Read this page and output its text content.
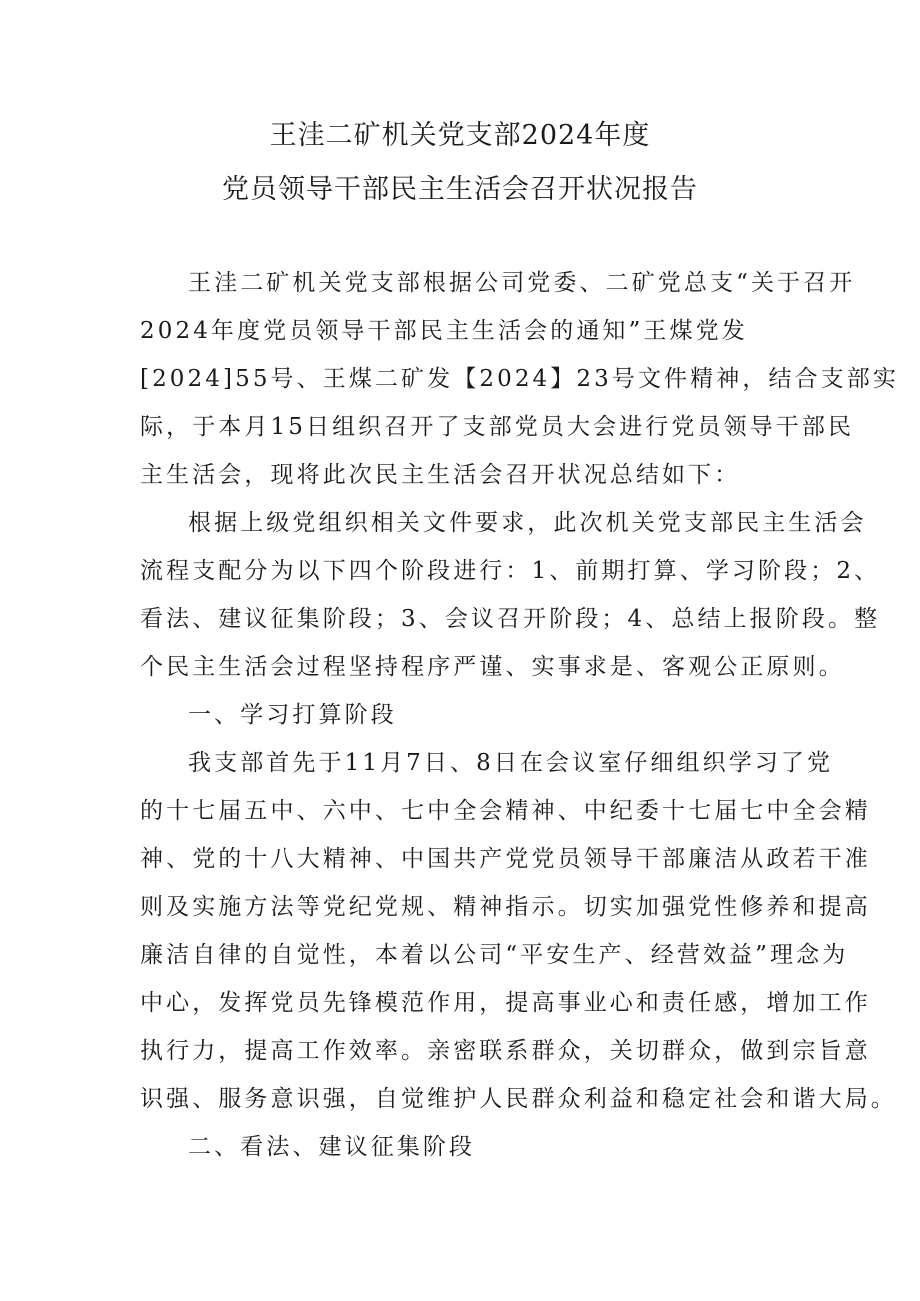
王洼二矿机关党支部2024年度
党员领导干部民主生活会召开状况报告
王洼二矿机关党支部根据公司党委、二矿党总支“关于召开
2024年度党员领导干部民主生活会的通知”王煤党发
[2024]55号、王煤二矿发【2024】23号文件精神，结合支部实
际，于本月15日组织召开了支部党员大会进行党员领导干部民
主生活会，现将此次民主生活会召开状况总结如下：
根据上级党组织相关文件要求，此次机关党支部民主生活会
流程支配分为以下四个阶段进行：1、前期打算、学习阶段；2、
看法、建议征集阶段；3、会议召开阶段；4、总结上报阶段。整
个民主生活会过程坚持程序严谨、实事求是、客观公正原则。
一、学习打算阶段
我支部首先于11月7日、8日在会议室仔细组织学习了党
的十七届五中、六中、七中全会精神、中纪委十七届七中全会精
神、党的十八大精神、中国共产党党员领导干部廉洁从政若干准
则及实施方法等党纪党规、精神指示。切实加强党性修养和提高
廉洁自律的自觉性，本着以公司“平安生产、经营效益”理念为
中心，发挥党员先锋模范作用，提高事业心和责任感，增加工作
执行力，提高工作效率。亲密联系群众，关切群众，做到宗旨意
识强、服务意识强，自觉维护人民群众利益和稳定社会和谐大局。
二、看法、建议征集阶段
